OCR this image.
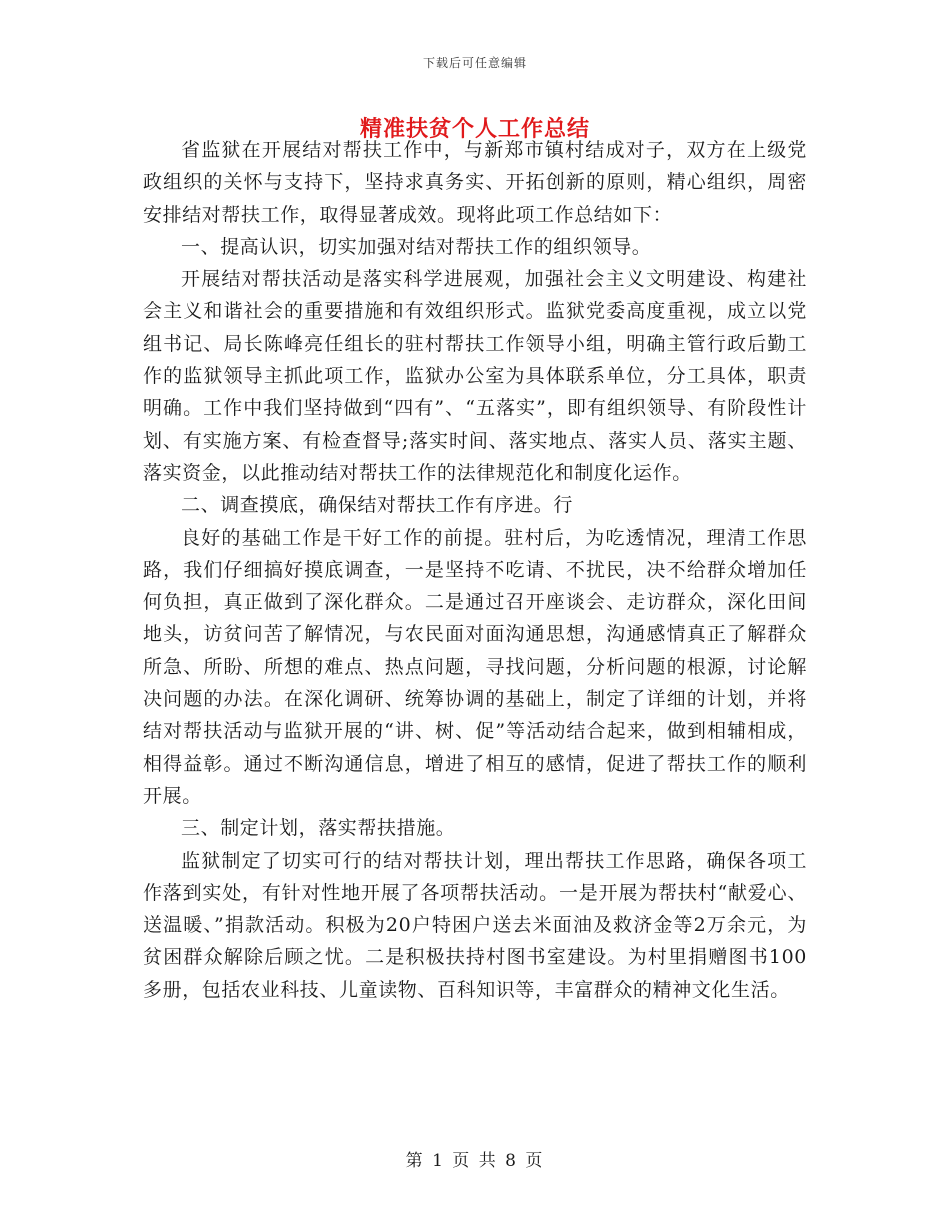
下载后可任意编辑
精准扶贫个人工作总结

省监狱在开展结对帮扶工作中，与新郑市镇村结成对子，双方在上级党政组织的关怀与支持下，坚持求真务实、开拓创新的原则，精心组织，周密安排结对帮扶工作，取得显著成效。现将此项工作总结如下：

一、提高认识，切实加强对结对帮扶工作的组织领导。

开展结对帮扶活动是落实科学进展观，加强社会主义文明建设、构建社会主义和谐社会的重要措施和有效组织形式。监狱党委高度重视，成立以党组书记、局长陈峰亮任组长的驻村帮扶工作领导小组，明确主管行政后勤工作的监狱领导主抓此项工作，监狱办公室为具体联系单位，分工具体，职责明确。工作中我们坚持做到“四有”、“五落实”，即有组织领导、有阶段性计划、有实施方案、有检查督导;落实时间、落实地点、落实人员、落实主题、落实资金，以此推动结对帮扶工作的法律规范化和制度化运作。

二、调查摸底，确保结对帮扶工作有序进。行

良好的基础工作是干好工作的前提。驻村后，为吃透情况，理清工作思路，我们仔细搞好摸底调查，一是坚持不吃请、不扰民，决不给群众增加任何负担，真正做到了深化群众。二是通过召开座谈会、走访群众，深化田间地头，访贫问苦了解情况，与农民面对面沟通思想，沟通感情真正了解群众所急、所盼、所想的难点、热点问题，寻找问题，分析问题的根源，讨论解决问题的办法。在深化调研、统筹协调的基础上，制定了详细的计划，并将结对帮扶活动与监狱开展的“讲、树、促”等活动结合起来，做到相辅相成，相得益彰。通过不断沟通信息，增进了相互的感情，促进了帮扶工作的顺利开展。

三、制定计划，落实帮扶措施。

监狱制定了切实可行的结对帮扶计划，理出帮扶工作思路，确保各项工作落到实处，有针对性地开展了各项帮扶活动。一是开展为帮扶村“献爱心、送温暖、”捐款活动。积极为20户特困户送去米面油及救济金等2万余元，为贫困群众解除后顾之忧。二是积极扶持村图书室建设。为村里捐赠图书100多册，包括农业科技、儿童读物、百科知识等，丰富群众的精神文化生活。

第 1 页 共 8 页
